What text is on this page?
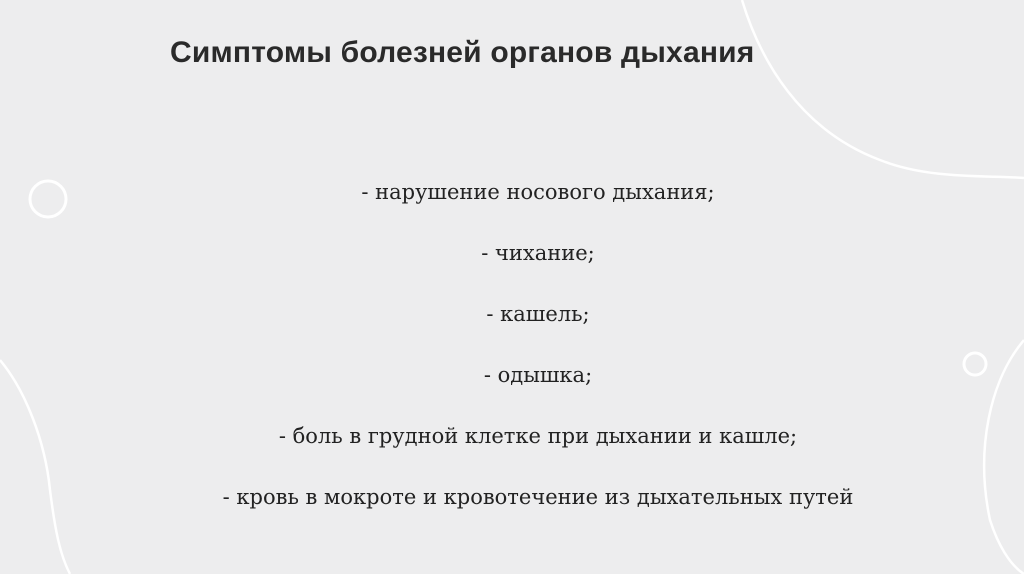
Симптомы болезней органов дыхания
- нарушение носового дыхания;
- чихание;
- кашель;
- одышка;
- боль в грудной клетке при дыхании и кашле;
- кровь в мокроте и кровотечение из дыхательных путей
